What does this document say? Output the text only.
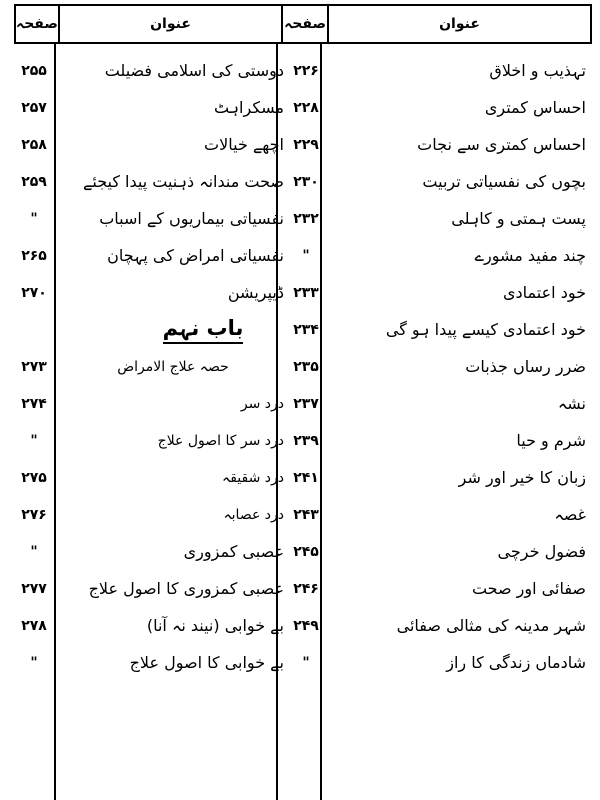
عنوان
صفحہ
عنوان
صفحہ
تہذیب و اخلاق
۲۲۶
دوستی کی اسلامی فضیلت
۲۵۵
احساس کمتری
۲۲۸
مسکراہٹ
۲۵۷
احساس کمتری سے نجات
۲۲۹
اچھے خیالات
۲۵۸
بچوں کی نفسیاتی تربیت
۲۳۰
صحت مندانہ ذہنیت پیدا کیجئے
۲۵۹
پست ہمتی و کاہلی
۲۳۲
نفسیاتی بیماریوں کے اسباب
"
چند مفید مشورے
"
نفسیاتی امراض کی پہچان
۲۶۵
خود اعتمادی
۲۳۳
ڈیپریشن
۲۷۰
خود اعتمادی کیسے پیدا ہو گی
۲۳۴
باب نہم
ضرر رساں جذبات
۲۳۵
حصہ علاج الامراض
۲۷۳
نشہ
۲۳۷
درد سر
۲۷۴
شرم و حیا
۲۳۹
درد سر کا اصول علاج
"
زبان کا خیر اور شر
۲۴۱
درد شقیقہ
۲۷۵
غصہ
۲۴۳
درد عصابہ
۲۷۶
فضول خرچی
۲۴۵
عصبی کمزوری
"
صفائی اور صحت
۲۴۶
عصبی کمزوری کا اصول علاج
۲۷۷
شہر مدینہ کی مثالی صفائی
۲۴۹
بے خوابی (نیند نہ آنا)
۲۷۸
شادماں زندگی کا راز
"
بے خوابی کا اصول علاج
"
